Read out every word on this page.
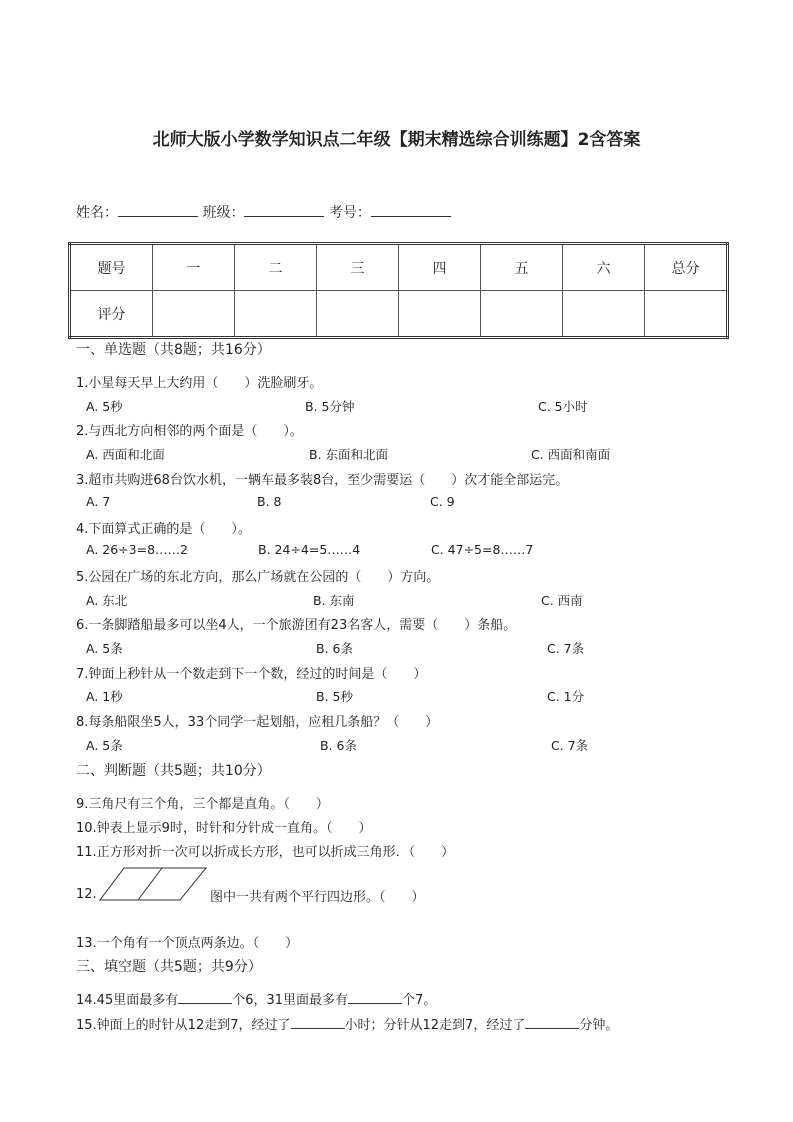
北师大版小学数学知识点二年级【期末精选综合训练题】2含答案
姓名：	班级：	考号：
题号	一	二	三	四	五	六	总分
评分							
一、单选题（共8题；共16分）
1.小星每天早上大约用（　　）洗脸刷牙。
A. 5秒	B. 5分钟	C. 5小时
2.与西北方向相邻的两个面是（　　）。
A. 西面和北面	B. 东面和北面	C. 西面和南面
3.超市共购进68台饮水机，一辆车最多装8台，至少需要运（　　）次才能全部运完。
A. 7	B. 8	C. 9
4.下面算式正确的是（　　）。
A. 26÷3=8……2	B. 24÷4=5……4	C. 47÷5=8……7
5.公园在广场的东北方向，那么广场就在公园的（　　）方向。
A. 东北	B. 东南	C. 西南
6.一条脚踏船最多可以坐4人，一个旅游团有23名客人，需要（　　）条船。
A. 5条	B. 6条	C. 7条
7.钟面上秒针从一个数走到下一个数，经过的时间是（　　）
A. 1秒	B. 5秒	C. 1分
8.每条船限坐5人，33个同学一起划船，应租几条船？（　　）
A. 5条	B. 6条	C. 7条
二、判断题（共5题；共10分）
9.三角尺有三个角，三个都是直角。（　　）
10.钟表上显示9时，时针和分针成一直角。（　　）
11.正方形对折一次可以折成长方形，也可以折成三角形．（　　）
12.	图中一共有两个平行四边形。（　　）
13.一个角有一个顶点两条边。（　　）
三、填空题（共5题；共9分）
14.45里面最多有	个6，31里面最多有	个7。
15.钟面上的时针从12走到7，经过了	小时；分针从12走到7，经过了	分钟。
